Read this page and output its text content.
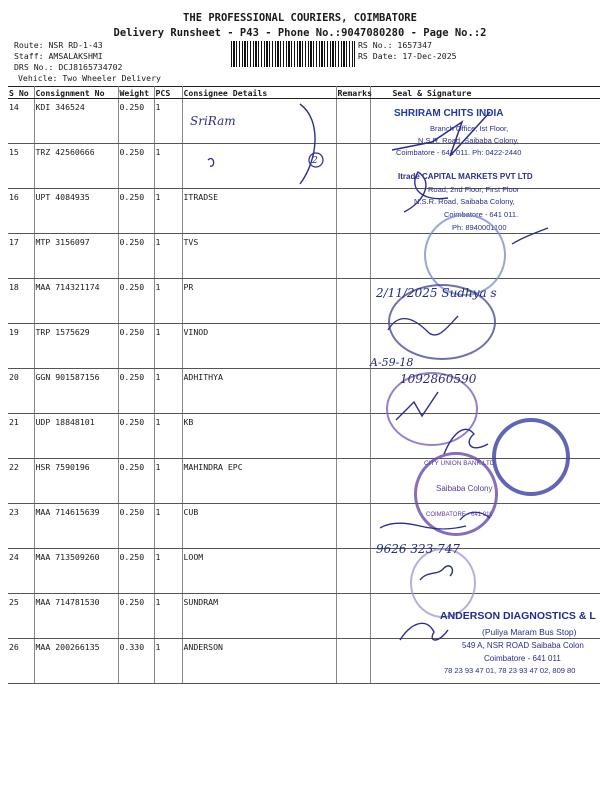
THE PROFESSIONAL COURIERS, COIMBATORE
Delivery Runsheet - P43 - Phone No.:9047080280 - Page No.:2
Route: NSR RD-1-43
Staff: AMSALAKSHMI
DRS No.: DCJ8165734702
Vehicle: Two Wheeler Delivery
RS No.: 1657347
RS Date: 17-Dec-2025
S No	Consignment No	Weight	PCS	Consignee Details	Remarks	Seal & Signature
14	KDI 346524	0.250	1			
15	TRZ 42560666	0.250	1			
16	UPT 4084935	0.250	1	ITRADSE		
17	MTP 3156097	0.250	1	TVS		
18	MAA 714321174	0.250	1	PR		
19	TRP 1575629	0.250	1	VINOD		
20	GGN 901587156	0.250	1	ADHITHYA		
21	UDP 18848101	0.250	1	KB		
22	HSR 7590196	0.250	1	MAHINDRA EPC		
23	MAA 714615639	0.250	1	CUB		
24	MAA 713509260	0.250	1	LOOM		
25	MAA 714781530	0.250	1	SUNDRAM		
26	MAA 200266135	0.330	1	ANDERSON		
SHRIRAM CHITS INDIA
Branch Office, Ist Floor,
N.S.R. Road, Saibaba Colony,
Coimbatore - 641 011. Ph: 0422-2440
Itrade CAPITAL MARKETS PVT LTD
Road, 2nd Floor, First Floor
N.S.R. Road, Saibaba Colony,
Coimbatore - 641 011.
Ph: 8940001100
CITY UNION BANK LTD
Saibaba Colony
COIMBATORE - 641 011
ANDERSON DIAGNOSTICS & L
(Puliya Maram Bus Stop)
549 A, NSR ROAD Saibaba Colon
Coimbatore - 641 011
78 23 93 47 01, 78 23 93 47 02, 809 80
SriRam
2
2/11/2025 Sudhya s
A-59-18
1092860590
9626 323 747
